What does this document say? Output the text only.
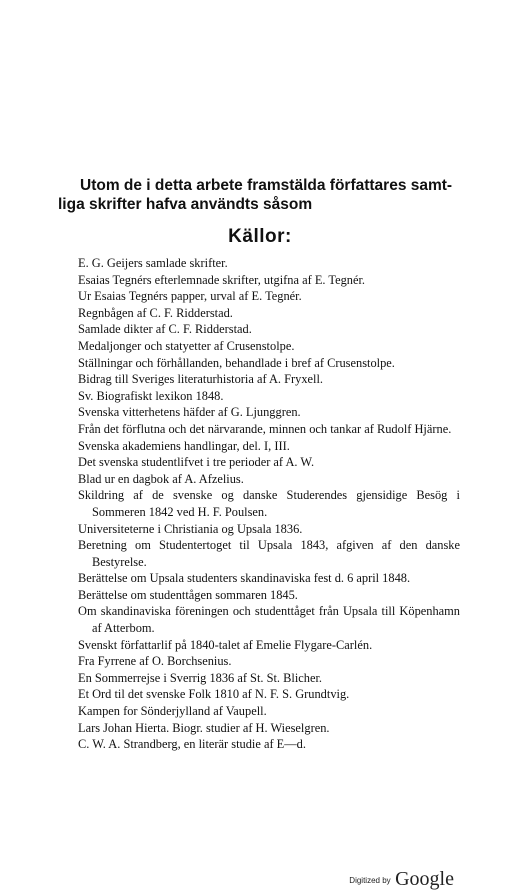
Utom de i detta arbete framstälda författares samt-
liga skrifter hafva användts såsom
Källor:
E. G. Geijers samlade skrifter.
Esaias Tegnérs efterlemnade skrifter, utgifna af E. Tegnér.
Ur Esaias Tegnérs papper, urval af E. Tegnér.
Regnbågen af C. F. Ridderstad.
Samlade dikter af C. F. Ridderstad.
Medaljonger och statyetter af Crusenstolpe.
Ställningar och förhållanden, behandlade i bref af Crusenstolpe.
Bidrag till Sveriges literaturhistoria af A. Fryxell.
Sv. Biografiskt lexikon 1848.
Svenska vitterhetens häfder af G. Ljunggren.
Från det förflutna och det närvarande, minnen och tankar af Rudolf Hjärne.
Svenska akademiens handlingar, del. I, III.
Det svenska studentlifvet i tre perioder af A. W.
Blad ur en dagbok af A. Afzelius.
Skildring af de svenske og danske Studerendes gjensidige Besög i Sommeren 1842 ved H. F. Poulsen.
Universiteterne i Christiania og Upsala 1836.
Beretning om Studentertoget til Upsala 1843, afgiven af den danske Bestyrelse.
Berättelse om Upsala studenters skandinaviska fest d. 6 april 1848.
Berättelse om studenttågen sommaren 1845.
Om skandinaviska föreningen och studenttåget från Upsala till Köpenhamn af Atterbom.
Svenskt författarlif på 1840-talet af Emelie Flygare-Carlén.
Fra Fyrrene af O. Borchsenius.
En Sommerrejse i Sverrig 1836 af St. St. Blicher.
Et Ord til det svenske Folk 1810 af N. F. S. Grundtvig.
Kampen for Sönderjylland af Vaupell.
Lars Johan Hierta. Biogr. studier af H. Wieselgren.
C. W. A. Strandberg, en literär studie af E—d.
Digitized by Google
